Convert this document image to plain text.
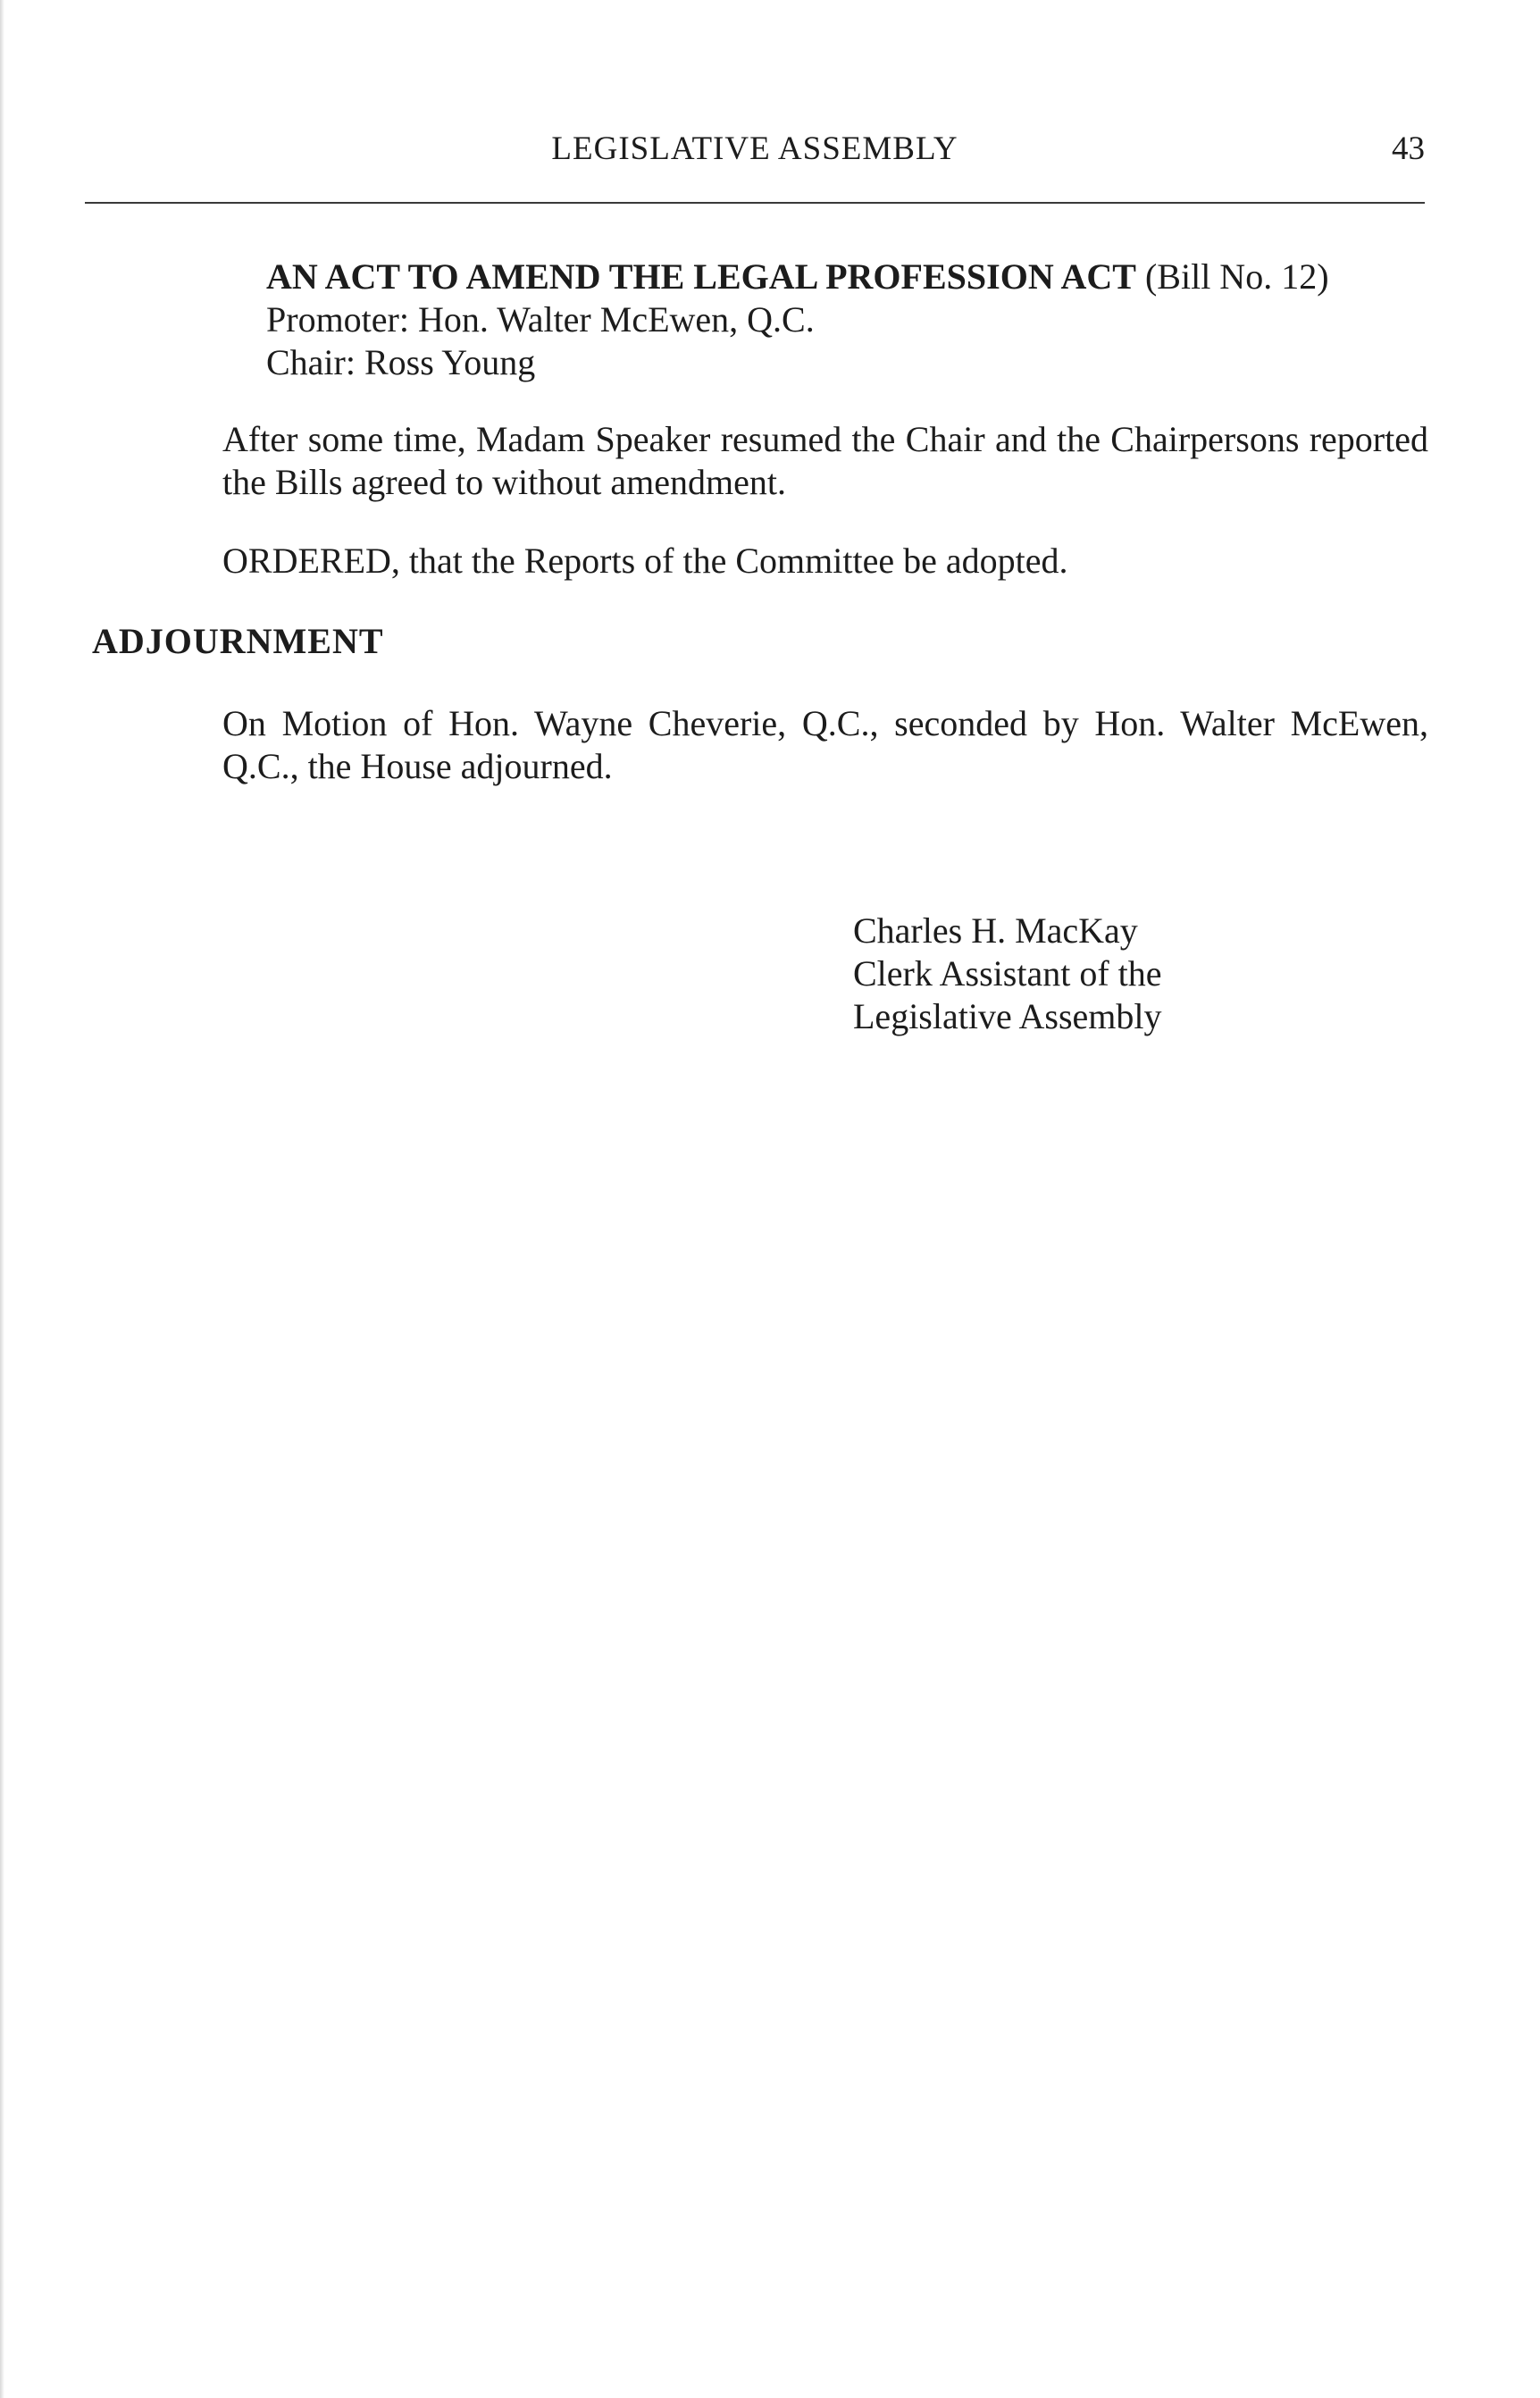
LEGISLATIVE ASSEMBLY	43
AN ACT TO AMEND THE LEGAL PROFESSION ACT (Bill No. 12)
Promoter: Hon. Walter McEwen, Q.C.
Chair: Ross Young
After some time, Madam Speaker resumed the Chair and the Chairpersons reported the Bills agreed to without amendment.
ORDERED, that the Reports of the Committee be adopted.
ADJOURNMENT
On Motion of Hon. Wayne Cheverie, Q.C., seconded by Hon. Walter McEwen, Q.C., the House adjourned.
Charles H. MacKay
Clerk Assistant of the
Legislative Assembly
